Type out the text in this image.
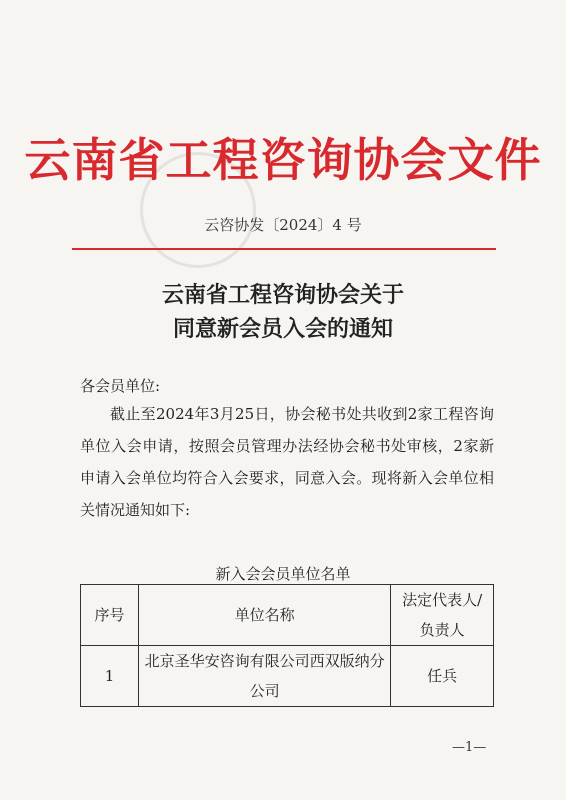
云南省工程咨询协会文件
云咨协发〔2024〕4 号
云南省工程咨询协会关于
同意新会员入会的通知
各会员单位:
截止至2024年3月25日，协会秘书处共收到2家工程咨询单位入会申请，按照会员管理办法经协会秘书处审核，2家新申请入会单位均符合入会要求，同意入会。现将新入会单位相关情况通知如下:
新入会会员单位名单
序号	单位名称	法定代表人/负责人
1	北京圣华安咨询有限公司西双版纳分公司	任兵
—1—
